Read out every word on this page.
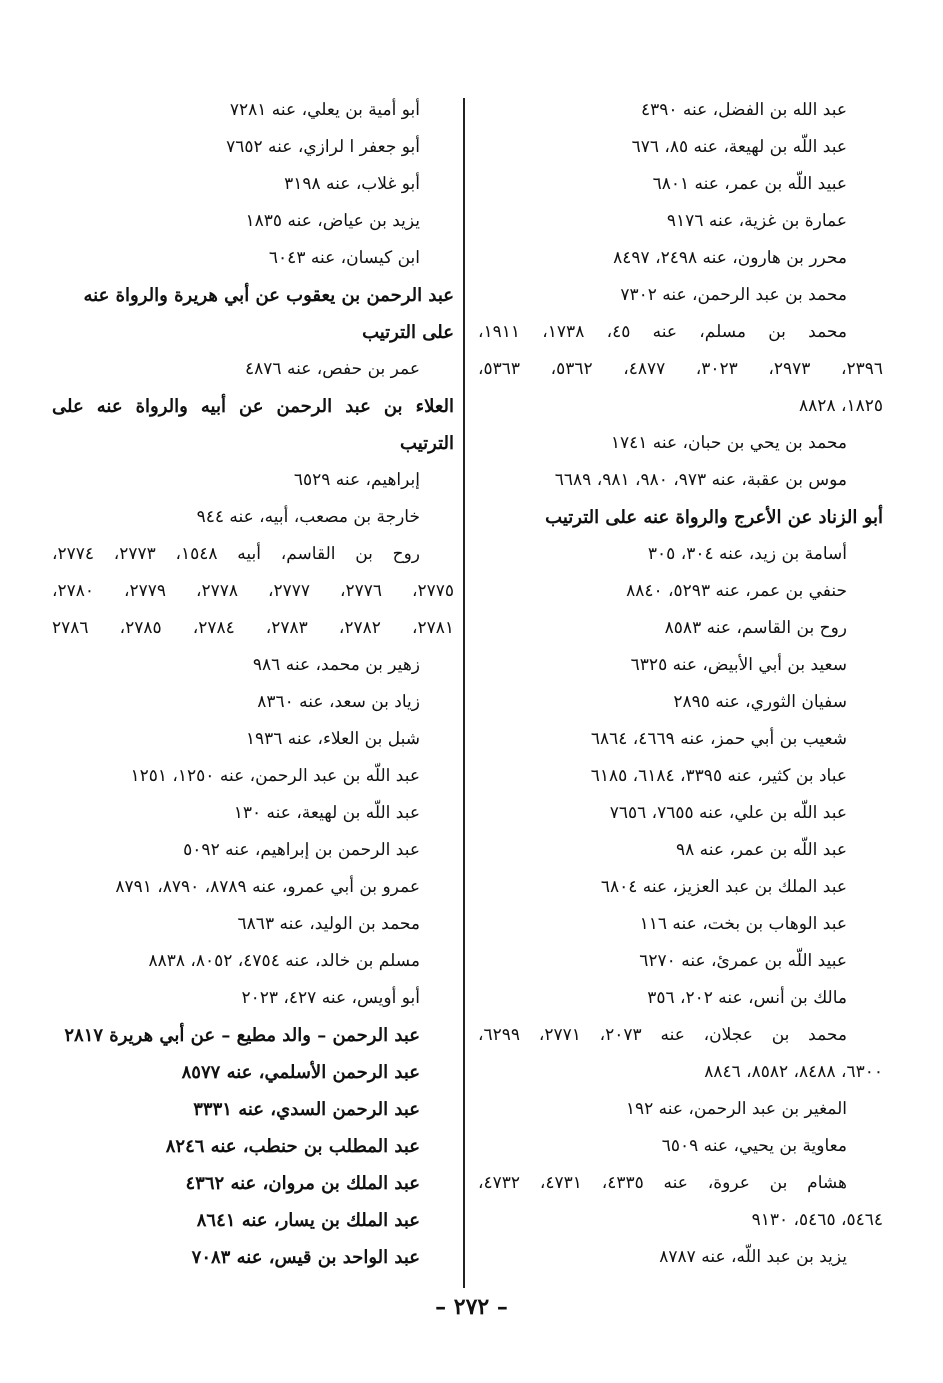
عبد الله بن الفضل، عنه ٤٣٩٠
عبد اللّه بن لهيعة، عنه ٨٥، ٦٧٦
عبيد اللّه بن عمر، عنه ٦٨٠١
عمارة بن غزية، عنه ٩١٧٦
محرر بن هارون، عنه ٢٤٩٨، ٨٤٩٧
محمد بن عبد الرحمن، عنه ٧٣٠٢
محمد بن مسلم، عنه ٤٥، ١٧٣٨، ١٩١١،
٢٣٩٦، ٢٩٧٣، ٣٠٢٣، ٤٨٧٧، ٥٣٦٢، ٥٣٦٣،
١٨٢٥، ٨٨٢٨
محمد بن يحي بن حبان، عنه ١٧٤١
موس بن عقبة، عنه ٩٧٣، ٩٨٠، ٩٨١، ٦٦٨٩
أبو الزناد عن الأعرج والرواة عنه على الترتيب
أسامة بن زيد، عنه ٣٠٤، ٣٠٥
حنفي بن عمر، عنه ٥٢٩٣، ٨٨٤٠
روح بن القاسم، عنه ٨٥٨٣
سعيد بن أبي الأبيض، عنه ٦٣٢٥
سفيان الثوري، عنه ٢٨٩٥
شعيب بن أبي حمز، عنه ٤٦٦٩، ٦٨٦٤
عباد بن كثير، عنه ٣٣٩٥، ٦١٨٤، ٦١٨٥
عبد اللّه بن علي، عنه ٧٦٥٥، ٧٦٥٦
عبد اللّه بن عمر، عنه ٩٨
عبد الملك بن عبد العزيز، عنه ٦٨٠٤
عبد الوهاب بن بخت، عنه ١١٦
عبيد اللّه بن عمرئ، عنه ٦٢٧٠
مالك بن أنس، عنه ٢٠٢، ٣٥٦
محمد بن عجلان، عنه ٢٠٧٣، ٢٧٧١، ٦٢٩٩،
٦٣٠٠، ٨٤٨٨، ٨٥٨٢، ٨٨٤٦
المغير بن عبد الرحمن، عنه ١٩٢
معاوية بن يحيي، عنه ٦٥٠٩
هشام بن عروة، عنه ٤٣٣٥، ٤٧٣١، ٤٧٣٢،
٥٤٦٤، ٥٤٦٥، ٩١٣٠
يزيد بن عبد اللّه، عنه ٨٧٨٧
أبو أمية بن يعلي، عنه ٧٢٨١
أبو جعفر ا لرازي، عنه ٧٦٥٢
أبو غلاب، عنه ٣١٩٨
يزيد بن عياض، عنه ١٨٣٥
ابن كيسان، عنه ٦٠٤٣
عبد الرحمن بن يعقوب عن أبي هريرة والرواة عنه
على الترتيب
عمر بن حفص، عنه ٤٨٧٦
العلاء بن عبد الرحمن عن أبيه والرواة عنه على
الترتيب
إبراهيم، عنه ٦٥٢٩
خارجة بن مصعب، أبيه، عنه ٩٤٤
روح بن القاسم، أبيه ١٥٤٨، ٢٧٧٣، ٢٧٧٤،
٢٧٧٥، ٢٧٧٦، ٢٧٧٧، ٢٧٧٨، ٢٧٧٩، ٢٧٨٠،
٢٧٨١، ٢٧٨٢، ٢٧٨٣، ٢٧٨٤، ٢٧٨٥، ٢٧٨٦
زهير بن محمد، عنه ٩٨٦
زياد بن سعد، عنه ٨٣٦٠
شبل بن العلاء، عنه ١٩٣٦
عبد اللّه بن عبد الرحمن، عنه ١٢٥٠، ١٢٥١
عبد اللّه بن لهيعة، عنه ١٣٠
عبد الرحمن بن إبراهيم، عنه ٥٠٩٢
عمرو بن أبي عمرو، عنه ٨٧٨٩، ٨٧٩٠، ٨٧٩١
محمد بن الوليد، عنه ٦٨٦٣
مسلم بن خالد، عنه ٤٧٥٤، ٨٠٥٢، ٨٨٣٨
أبو أويس، عنه ٤٢٧، ٢٠٢٣
عبد الرحمن – والد مطيع – عن أبي هريرة ٢٨١٧
عبد الرحمن الأسلمي، عنه ٨٥٧٧
عبد الرحمن السدي، عنه ٣٣٣١
عبد المطلب بن حنطب، عنه ٨٢٤٦
عبد الملك بن مروان، عنه ٤٣٦٢
عبد الملك بن يسار، عنه ٨٦٤١
عبد الواحد بن قيس، عنه ٧٠٨٣
– ٢٧٢ –
